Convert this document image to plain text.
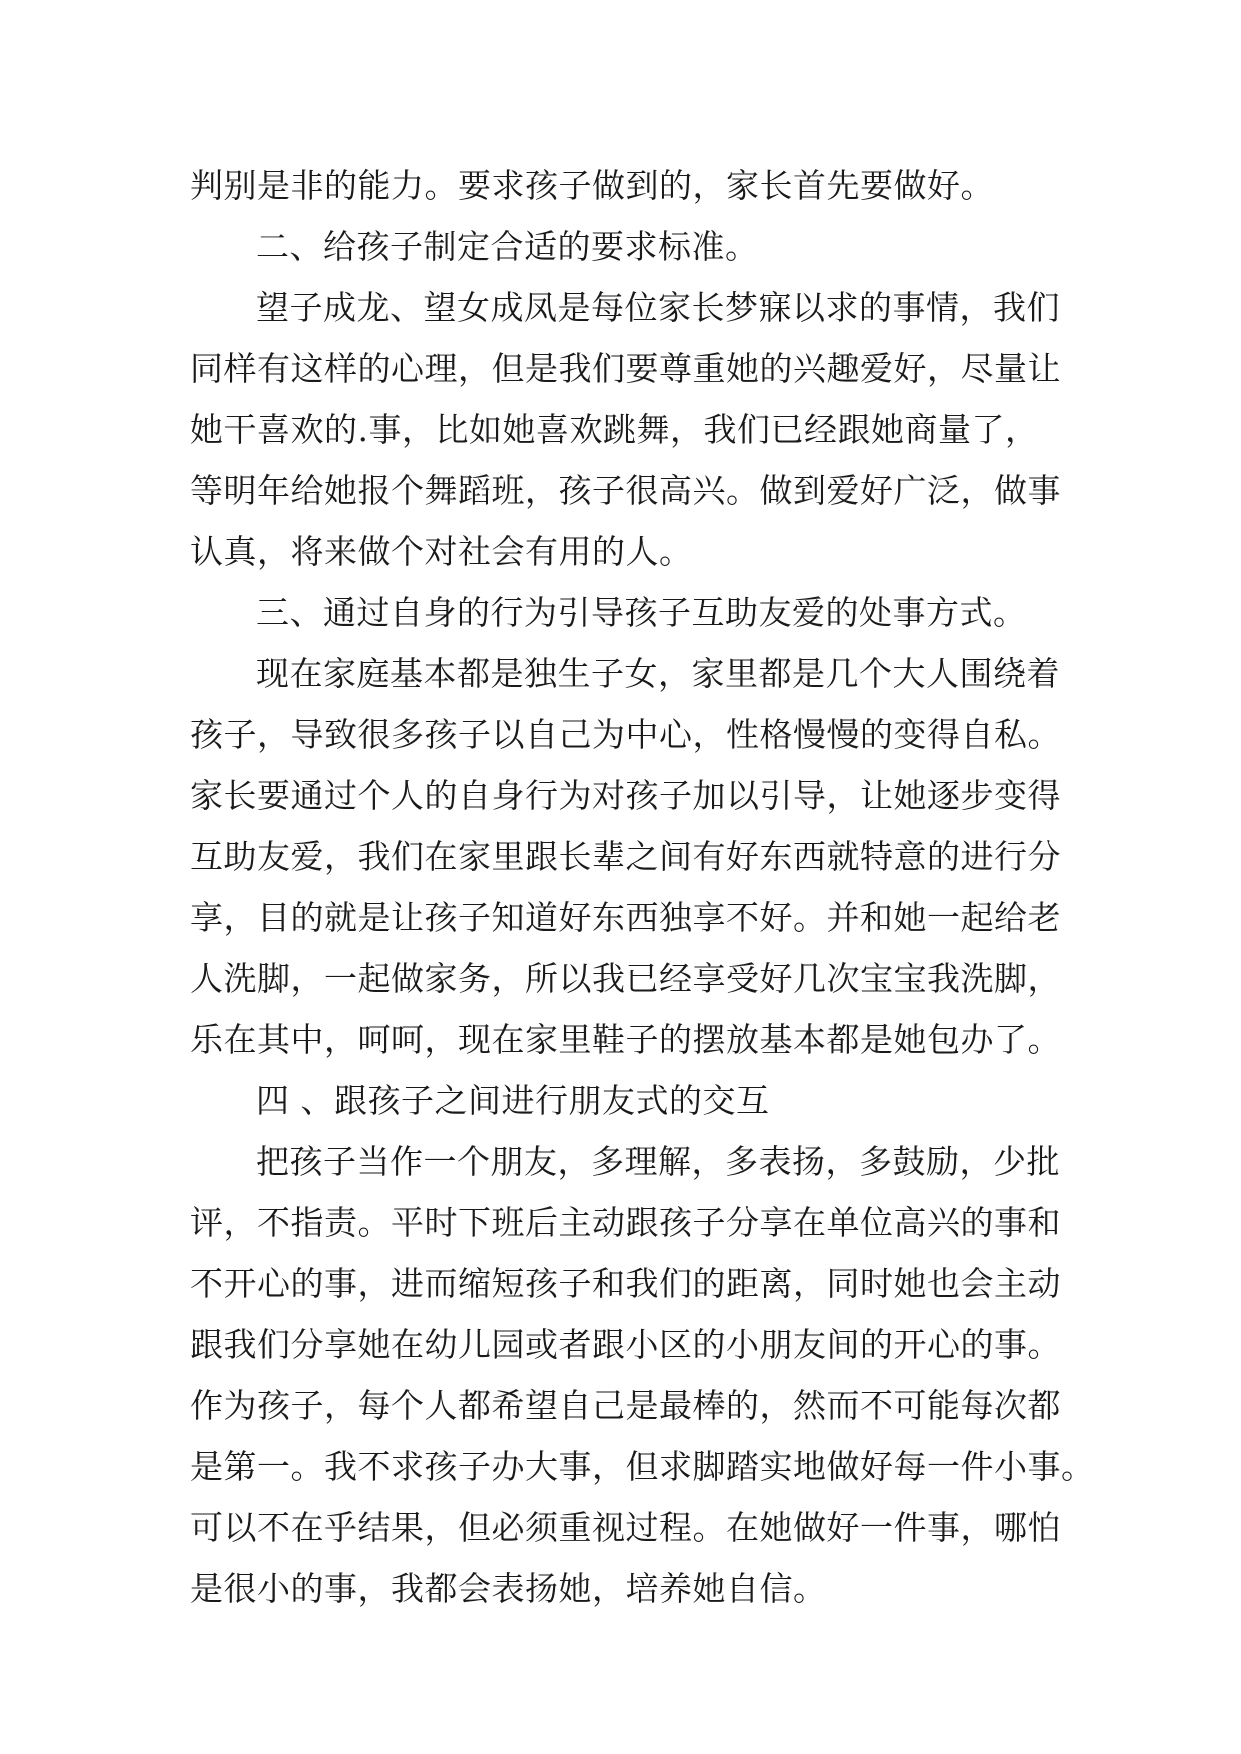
判别是非的能力。要求孩子做到的，家长首先要做好。
二、给孩子制定合适的要求标准。
望子成龙、望女成凤是每位家长梦寐以求的事情，我们
同样有这样的心理，但是我们要尊重她的兴趣爱好，尽量让
她干喜欢的.事，比如她喜欢跳舞，我们已经跟她商量了，
等明年给她报个舞蹈班，孩子很高兴。做到爱好广泛，做事
认真，将来做个对社会有用的人。
三、通过自身的行为引导孩子互助友爱的处事方式。
现在家庭基本都是独生子女，家里都是几个大人围绕着
孩子，导致很多孩子以自己为中心，性格慢慢的变得自私。
家长要通过个人的自身行为对孩子加以引导，让她逐步变得
互助友爱，我们在家里跟长辈之间有好东西就特意的进行分
享，目的就是让孩子知道好东西独享不好。并和她一起给老
人洗脚，一起做家务，所以我已经享受好几次宝宝我洗脚，
乐在其中，呵呵，现在家里鞋子的摆放基本都是她包办了。
四 、跟孩子之间进行朋友式的交互
把孩子当作一个朋友，多理解，多表扬，多鼓励，少批
评，不指责。平时下班后主动跟孩子分享在单位高兴的事和
不开心的事，进而缩短孩子和我们的距离，同时她也会主动
跟我们分享她在幼儿园或者跟小区的小朋友间的开心的事。
作为孩子，每个人都希望自己是最棒的，然而不可能每次都
是第一。我不求孩子办大事，但求脚踏实地做好每一件小事。
可以不在乎结果，但必须重视过程。在她做好一件事，哪怕
是很小的事，我都会表扬她，培养她自信。
